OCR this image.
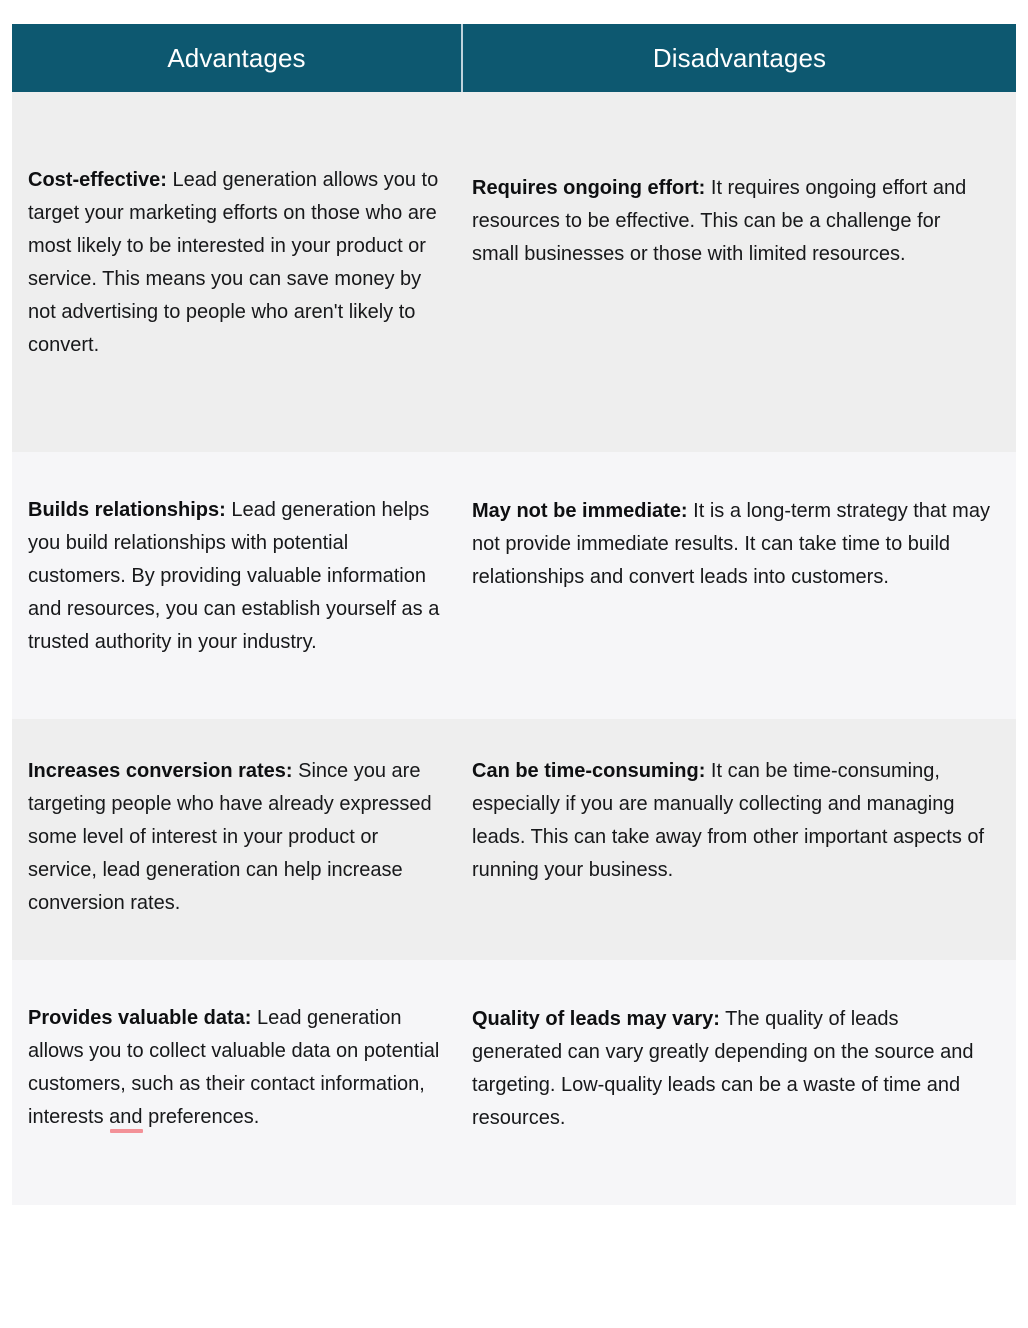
Advantages	Disadvantages

Cost-effective: Lead generation allows you to target your marketing efforts on those who are most likely to be interested in your product or service. This means you can save money by not advertising to people who aren't likely to convert.	Requires ongoing effort: It requires ongoing effort and resources to be effective. This can be a challenge for small businesses or those with limited resources.

Builds relationships: Lead generation helps you build relationships with potential customers. By providing valuable information and resources, you can establish yourself as a trusted authority in your industry.	May not be immediate: It is a long-term strategy that may not provide immediate results. It can take time to build relationships and convert leads into customers.

Increases conversion rates: Since you are targeting people who have already expressed some level of interest in your product or service, lead generation can help increase conversion rates.	Can be time-consuming: It can be time-consuming, especially if you are manually collecting and managing leads. This can take away from other important aspects of running your business.

Provides valuable data: Lead generation allows you to collect valuable data on potential customers, such as their contact information, interests and preferences.	Quality of leads may vary: The quality of leads generated can vary greatly depending on the source and targeting. Low-quality leads can be a waste of time and resources.
